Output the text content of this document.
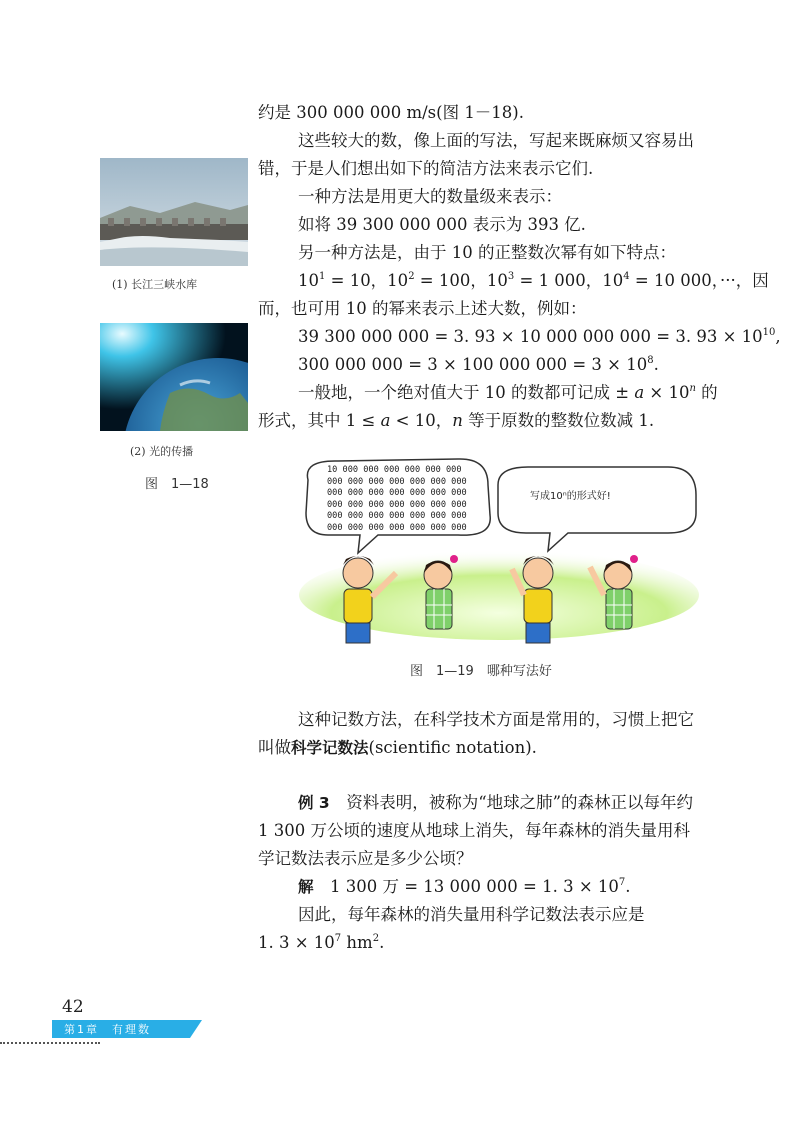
(1) 长江三峡水库
(2) 光的传播
图　1—18
约是 300 000 000 m/s(图 1－18).
这些较大的数，像上面的写法，写起来既麻烦又容易出
错，于是人们想出如下的简洁方法来表示它们.
一种方法是用更大的数量级来表示：
如将 39 300 000 000 表示为 393 亿.
另一种方法是，由于 10 的正整数次幂有如下特点：
$10^1 = 10$，$10^2 = 100$，$10^3 = 1$ 000，$10^4 = 10$ 000，···，因
而，也可用 10 的幂来表示上述大数，例如：
39 300 000 000 = 3. 93 × 10 000 000 000 = 3. $93 \times 10^{10}$,
300 000 000 = 3 × 100 000 $000 = 3 \times 10^8$.
一般地，一个绝对值大于 10 的数都可记成 ± $a \times 10^n$ 的
形式，其中 1 ≤ a < 10，n 等于原数的整数位数减 1.
10 000 000 000 000 000 000
000 000 000 000 000 000 000
000 000 000 000 000 000 000
000 000 000 000 000 000 000
000 000 000 000 000 000 000
000 000 000 000 000 000 000
写成10ⁿ的形式好!
图　1—19　哪种写法好
这种记数方法，在科学技术方面是常用的，习惯上把它
叫做科学记数法(scientific notation).
例 3　资料表明，被称为“地球之肺”的森林正以每年约
1 300 万公顷的速度从地球上消失，每年森林的消失量用科
学记数法表示应是多少公顷？
解　1 300 万 = 13 000 000 = 1. $3 \times 10^7$.
因此，每年森林的消失量用科学记数法表示应是
1. $3 \times 10^7$ $hm^2$.
42
第1章　有理数
